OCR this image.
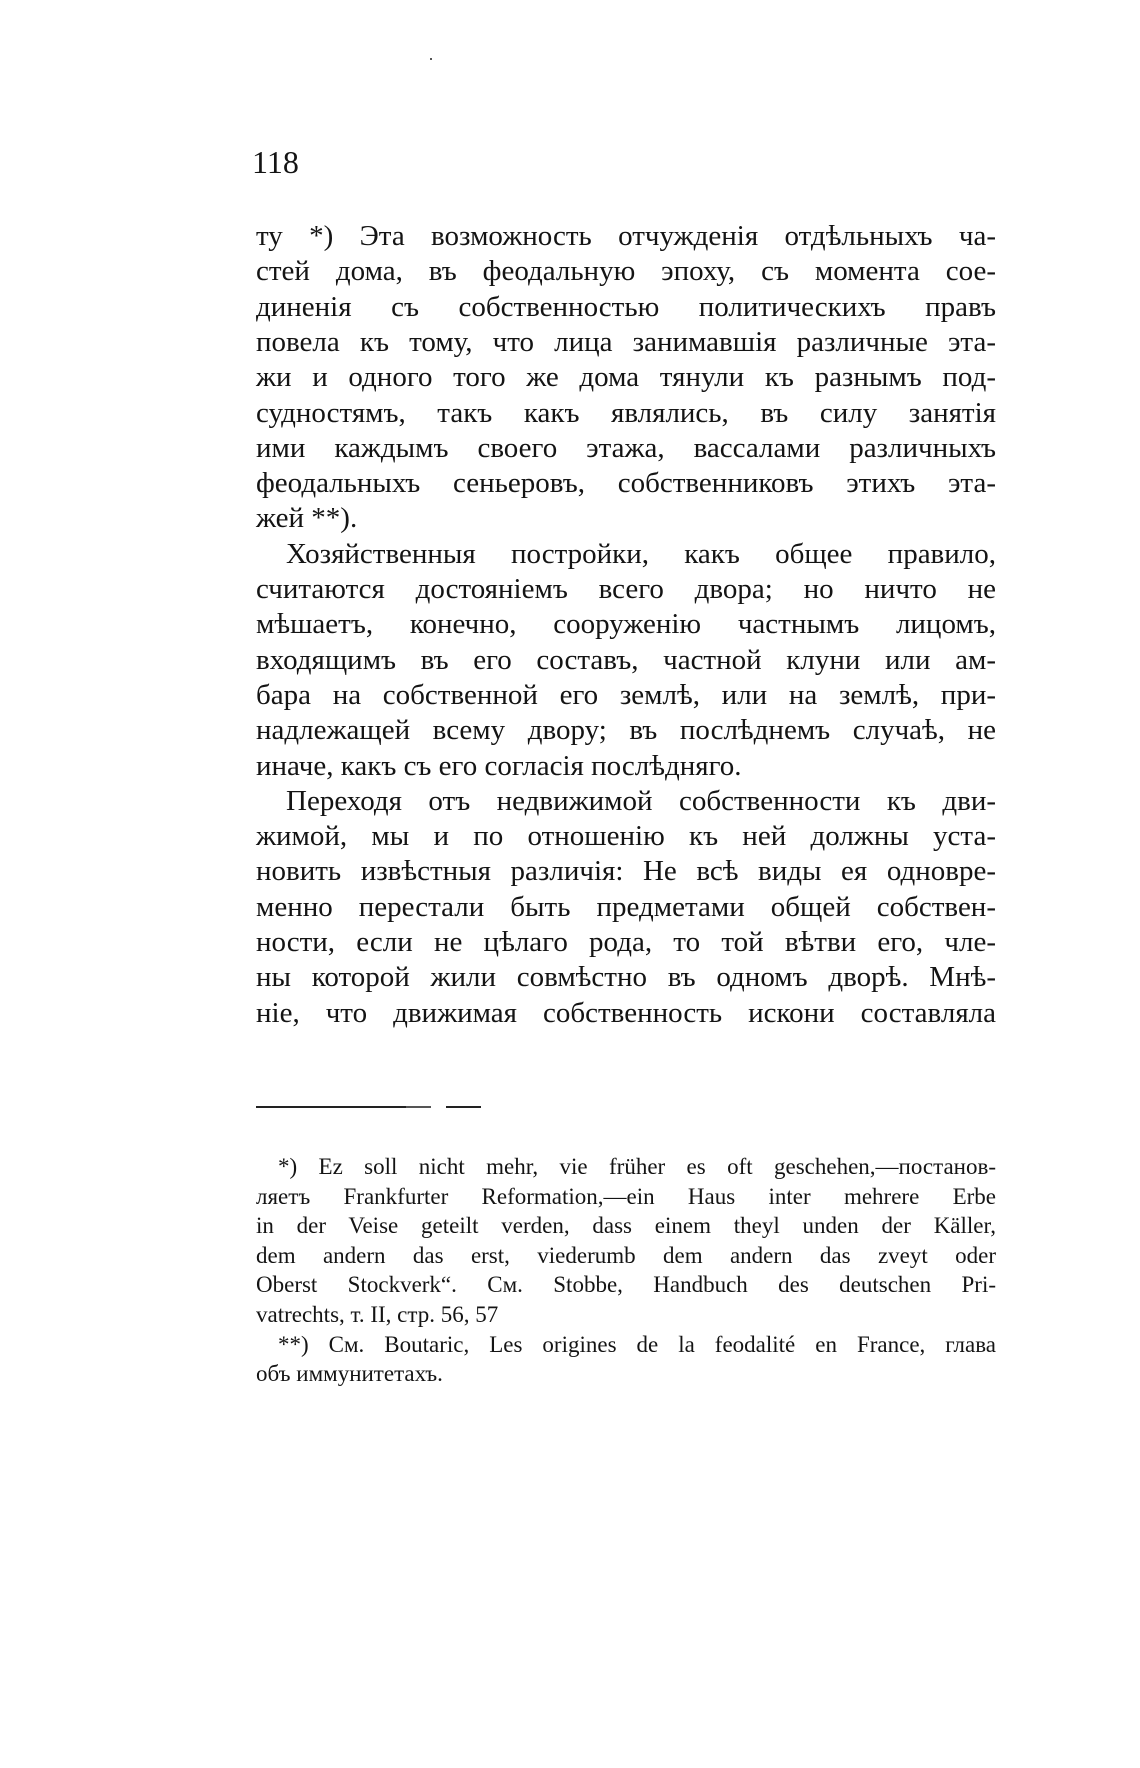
118
ту *) Эта возможность отчужденія отдѣльныхъ ча-
стей дома, въ феодальную эпоху, съ момента сое-
диненія съ собственностью политическихъ правъ
повела къ тому, что лица занимавшія различные эта-
жи и одного того же дома тянули къ разнымъ под-
судностямъ, такъ какъ являлись, въ силу занятія
ими каждымъ своего этажа, вассалами различныхъ
феодальныхъ сеньеровъ, собственниковъ этихъ эта-
жей **).
Хозяйственныя постройки, какъ общее правило,
считаются достояніемъ всего двора; но ничто не
мѣшаетъ, конечно, сооруженію частнымъ лицомъ,
входящимъ въ его составъ, частной клуни или ам-
бара на собственной его землѣ, или на землѣ, при-
надлежащей всему двору; въ послѣднемъ случаѣ, не
иначе, какъ съ его согласія послѣдняго.
Переходя отъ недвижимой собственности къ дви-
жимой, мы и по отношенію къ ней должны уста-
новить извѣстныя различія: Не всѣ виды ея одновре-
менно перестали быть предметами общей собствен-
ности, если не цѣлаго рода, то той вѣтви его, чле-
ны которой жили совмѣстно въ одномъ дворѣ. Мнѣ-
ніе, что движимая собственность искони составляла
*) Ez soll nicht mehr, vie früher es oft geschehen,—постанов-
ляетъ Frankfurter Reformation,—ein Haus inter mehrere Erbe
in der Veise geteilt verden, dass einem theyl unden der Käller,
dem andern das erst, viederumb dem andern das zveyt oder
Oberst Stockverk“. См. Stobbe, Handbuch des deutschen Pri-
vatrechts, т. II, стр. 56, 57
**) См. Boutaric, Les origines de la feodalité en France, глава
объ иммунитетахъ.
